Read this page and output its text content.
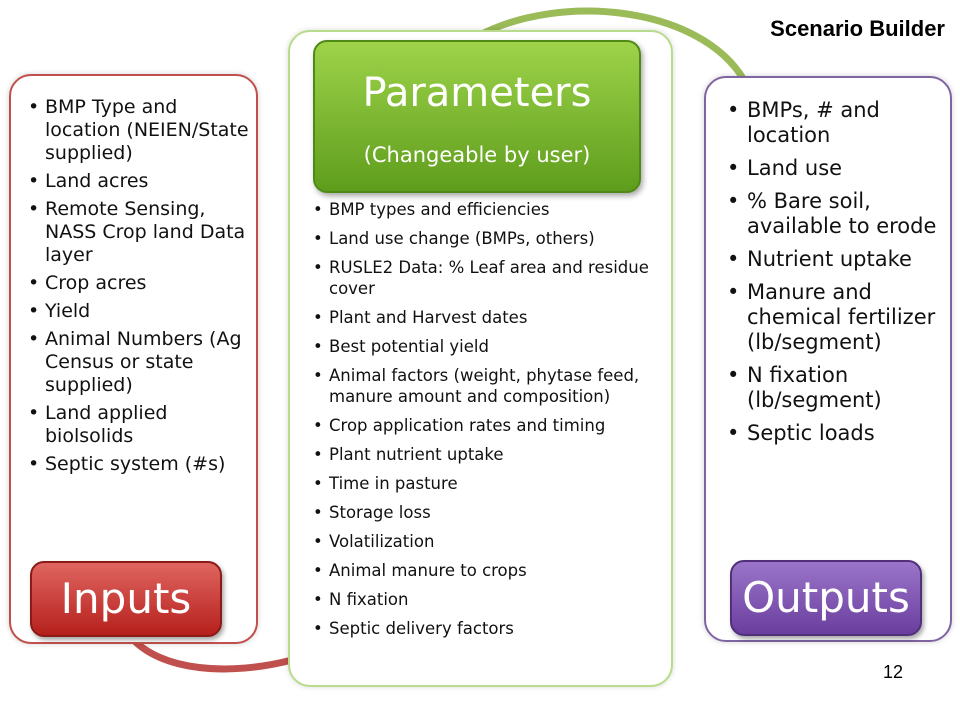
Scenario Builder
• BMP Type and location (NEIEN/State supplied)
• Land acres
• Remote Sensing, NASS Crop land Data layer
• Crop acres
• Yield
• Animal Numbers (Ag Census or state supplied)
• Land applied biolsolids
• Septic system (#s)
Inputs
• BMP types and efficiencies
• Land use change (BMPs, others)
• RUSLE2 Data: % Leaf area and residue cover
• Plant and Harvest dates
• Best potential yield
• Animal factors (weight, phytase feed, manure amount and composition)
• Crop application rates and timing
• Plant nutrient uptake
• Time in pasture
• Storage loss
• Volatilization
• Animal manure to crops
• N fixation
• Septic delivery factors
Parameters
(Changeable by user)
• BMPs, # and location
• Land use
• % Bare soil, available to erode
• Nutrient uptake
• Manure and chemical fertilizer (lb/segment)
• N fixation (lb/segment)
• Septic loads
Outputs
12
